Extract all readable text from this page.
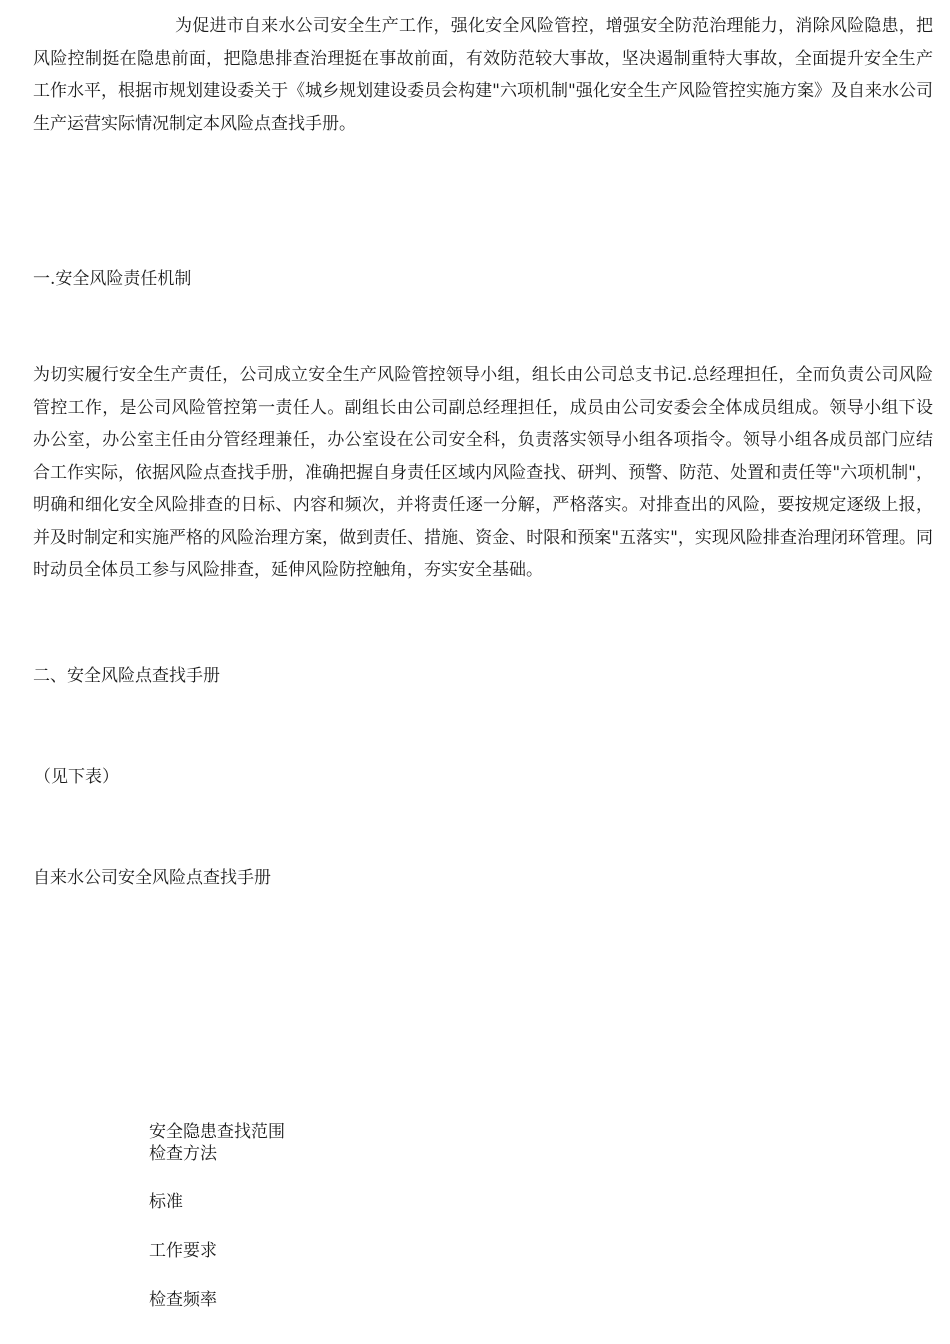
为促进市自来水公司安全生产工作，强化安全风险管控，增强安全防范治理能力，消除风险隐患，把风险控制挺在隐患前面，把隐患排查治理挺在事故前面，有效防范较大事故，坚决遏制重特大事故，全面提升安全生产工作水平，根据市规划建设委关于《城乡规划建设委员会构建"六项机制"强化安全生产风险管控实施方案》及自来水公司生产运营实际情况制定本风险点查找手册。

一.安全风险责任机制

为切实履行安全生产责任，公司成立安全生产风险管控领导小组，组长由公司总支书记.总经理担任，全而负责公司风险管控工作，是公司风险管控第一责任人。副组长由公司副总经理担任，成员由公司安委会全体成员组成。领导小组下设办公室，办公室主任由分管经理兼任，办公室设在公司安全科，负责落实领导小组各项指令。领导小组各成员部门应结合工作实际，依据风险点查找手册，准确把握自身责任区域内风险查找、研判、预警、防范、处置和责任等"六项机制"，明确和细化安全风险排查的日标、内容和频次，并将责任逐一分解，严格落实。对排查出的风险，要按规定逐级上报，并及时制定和实施严格的风险治理方案，做到责任、措施、资金、时限和预案"五落实"，实现风险排查治理闭环管理。同时动员全体员工参与风险排查，延伸风险防控触角，夯实安全基础。

二、安全风险点查找手册
（见下表）
自来水公司安全风险点查找手册
安全隐患查找范围
检查方法
标准
工作要求
检查频率
